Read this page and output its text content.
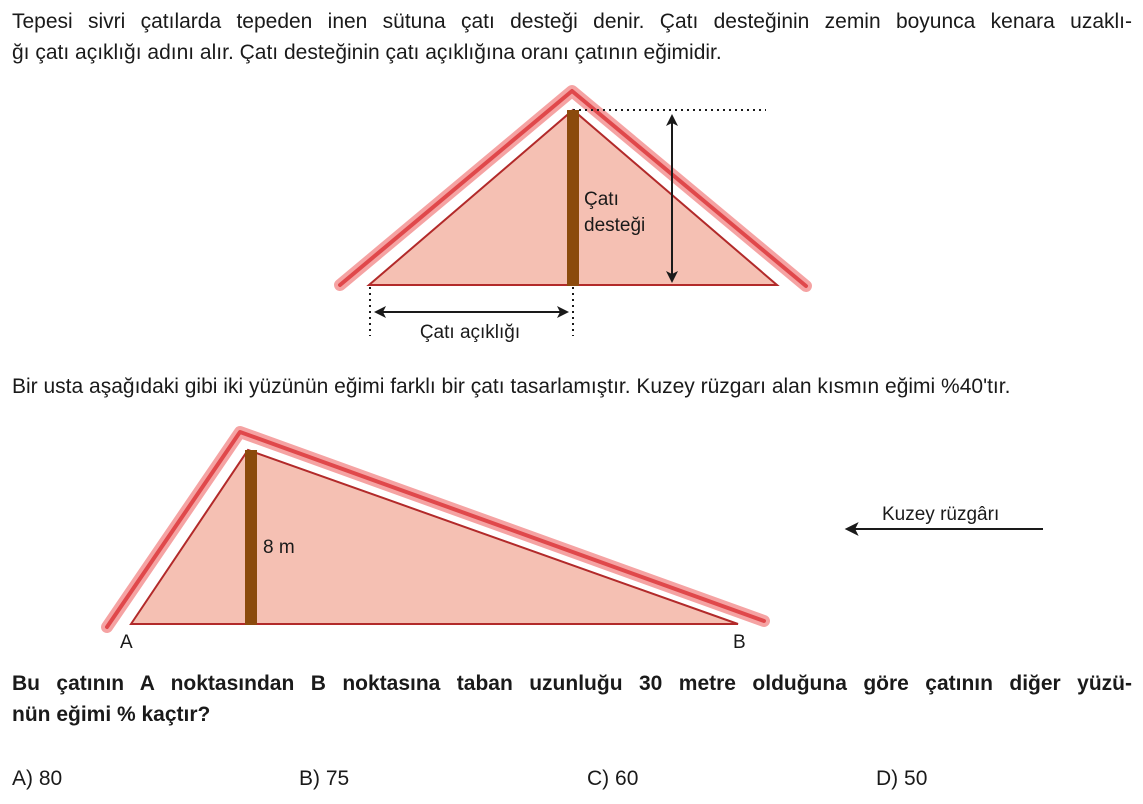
Tepesi sivri çatılarda tepeden inen sütuna çatı desteği denir. Çatı desteğinin zemin boyunca kenara uzaklı-
ğı çatı açıklığı adını alır. Çatı desteğinin çatı açıklığına oranı çatının eğimidir.
Çatı
desteği
Çatı açıklığı
Bir usta aşağıdaki gibi iki yüzünün eğimi farklı bir çatı tasarlamıştır. Kuzey rüzgarı alan kısmın eğimi %40'tır.
8 m
A	B
Kuzey rüzgârı
Bu çatının A noktasından B noktasına taban uzunluğu 30 metre olduğuna göre çatının diğer yüzü-
nün eğimi % kaçtır?
A) 80	B) 75	C) 60	D) 50
